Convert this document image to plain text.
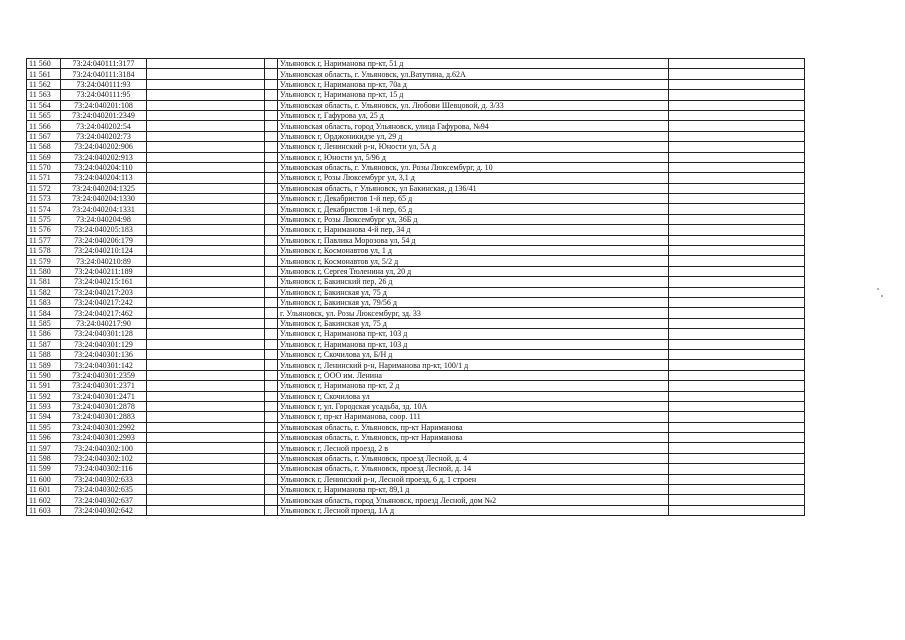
11 560	73:24:040111:3177			Ульяновск г, Нариманова пр-кт, 51 д	
11 561	73:24:040111:3184			Ульяновская область, г. Ульяновск, ул.Ватутина, д.62А	
11 562	73:24:040111:93			Ульяновск г, Нариманова пр-кт, 70а д	
11 563	73:24:040111:95			Ульяновск г, Нариманова пр-кт, 15 д	
11 564	73:24:040201:108			Ульяновская область, г. Ульяновск, ул. Любови Шевцовой, д. 3/33	
11 565	73:24:040201:2349			Ульяновск г, Гафурова ул, 25 д	
11 566	73:24:040202:54			Ульяновская область, город Ульяновск, улица Гафурова, №94	
11 567	73:24:040202:73			Ульяновск г, Орджоникидзе ул, 29 д	
11 568	73:24:040202:906			Ульяновск г, Ленинский р-н, Юности ул, 5А д	
11 569	73:24:040202:913			Ульяновск г, Юности ул, 5/96 д	
11 570	73:24:040204:110			Ульяновская область, г. Ульяновск, ул. Розы Люксембург, д. 10	
11 571	73:24:040204:113			Ульяновск г, Розы Люксембург ул, 3,1 д	
11 572	73:24:040204:1325			Ульяновская область, г Ульяновск, ул Бакинская, д 136/41	
11 573	73:24:040204:1330			Ульяновск г, Декабристов 1-й пер, 65 д	
11 574	73:24:040204:1331			Ульяновск г, Декабристов 1-й пер, 65 д	
11 575	73:24:040204:98			Ульяновск г, Розы Люксембург ул, 36Б д	
11 576	73:24:040205:183			Ульяновск г, Нариманова 4-й пер, 34 д	
11 577	73:24:040206:179			Ульяновск г, Павлика Морозова ул, 54 д	
11 578	73:24:040210:124			Ульяновск г, Космонавтов ул, 1 д	
11 579	73:24:040210:89			Ульяновск г, Космонавтов ул, 5/2 д	
11 580	73:24:040211:189			Ульяновск г, Сергея Тюленина ул, 20 д	
11 581	73:24:040215:161			Ульяновск г, Бакинский пер, 26 д	
11 582	73:24:040217:203			Ульяновск г, Бакинская ул, 75 д	
11 583	73:24:040217:242			Ульяновск г, Бакинская ул, 79/56 д	
11 584	73:24:040217:462			г. Ульяновск, ул. Розы Люксембург, зд. 33	
11 585	73:24:040217:90			Ульяновск г, Бакинская ул, 75 д	
11 586	73:24:040301:128			Ульяновск г, Нариманова пр-кт, 103 д	
11 587	73:24:040301:129			Ульяновск г, Нариманова пр-кт, 103 д	
11 588	73:24:040301:136			Ульяновск г, Скочилова ул, Б/Н д	
11 589	73:24:040301:142			Ульяновск г, Ленинский р-н, Нариманова пр-кт, 100/1 д	
11 590	73:24:040301:2359			Ульяновск г, ООО им. Ленина	
11 591	73:24:040301:2371			Ульяновск г, Нариманова пр-кт, 2 д	
11 592	73:24:040301:2471			Ульяновск г, Скочилова ул	
11 593	73:24:040301:2878			Ульяновск г, ул. Городская усадьба, зд. 10А	
11 594	73:24:040301:2883			Ульяновск г, пр-кт Нариманова, соор. 111	
11 595	73:24:040301:2992			Ульяновская область, г. Ульяновск, пр-кт Нариманова	
11 596	73:24:040301:2993			Ульяновская область, г. Ульяновск, пр-кт Нариманова	
11 597	73:24:040302:100			Ульяновск г, Лесной проезд, 2 в	
11 598	73:24:040302:102			Ульяновская область, г. Ульяновск, проезд Лесной, д. 4	
11 599	73:24:040302:116			Ульяновская область, г. Ульяновск, проезд Лесной, д. 14	
11 600	73:24:040302:633			Ульяновск г, Ленинский р-н, Лесной проезд, 6 д, 1 строен	
11 601	73:24:040302:635			Ульяновск г, Нариманова пр-кт, 89,1 д	
11 602	73:24:040302:637			Ульяновская область, город Ульяновск, проезд Лесной, дом №2	
11 603	73:24:040302:642			Ульяновск г, Лесной проезд, 1А д	
